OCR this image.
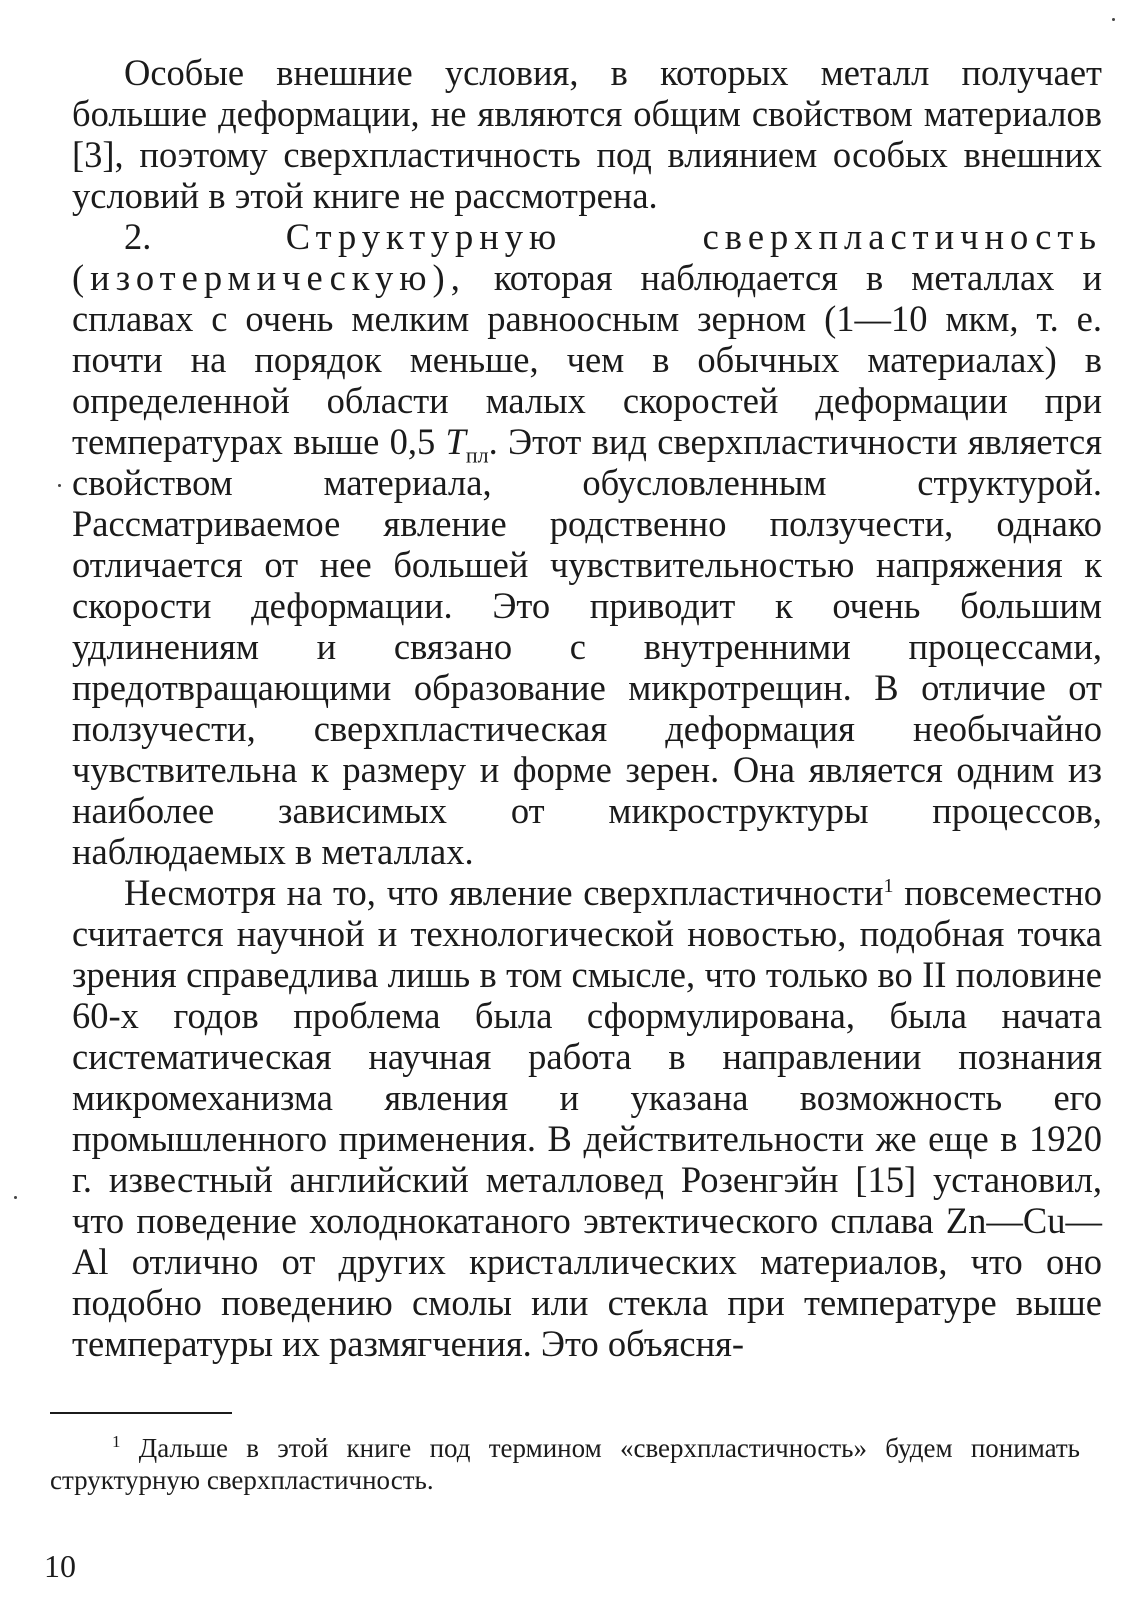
Особые внешние условия, в которых металл получает большие деформации, не являются общим свойством материалов [3], поэтому сверхпластичность под влиянием особых внешних условий в этой книге не рассмотрена.

2.	Структурную сверхпластичность (изотермическую), которая наблюдается в металлах и сплавах с очень мелким равноосным зерном (1—10 мкм, т. е. почти на порядок меньше, чем в обычных материалах) в определенной области малых скоростей деформации при температурах выше 0,5 $T_{пл}$. Этот вид сверхпластичности является свойством материала, обусловленным структурой. Рассматриваемое явление родственно ползучести, однако отличается от нее большей чувствительностью напряжения к скорости деформации. Это приводит к очень большим удлинениям и связано с внутренними процессами, предотвращающими образование микротрещин. В отличие от ползучести, сверхпластическая деформация необычайно чувствительна к размеру и форме зерен. Она является одним из наиболее зависимых от микроструктуры процессов, наблюдаемых в металлах.

Несмотря на то, что явление сверхпластичности$^1$ повсеместно считается научной и технологической новостью, подобная точка зрения справедлива лишь в том смысле, что только во II половине 60-х годов проблема была сформулирована, была начата систематическая научная работа в направлении познания микромеханизма явления и указана возможность его промышленного применения. В действительности же еще в 1920 г. известный английский металловед Розенгэйн [15] установил, что поведение холоднокатаного эвтектического сплава Zn—Cu—Al отлично от других кристаллических материалов, что оно подобно поведению смолы или стекла при температуре выше температуры их размягчения. Это объясня-

$^1$ Дальше в этой книге под термином «сверхпластичность» будем понимать структурную сверхпластичность.
10
